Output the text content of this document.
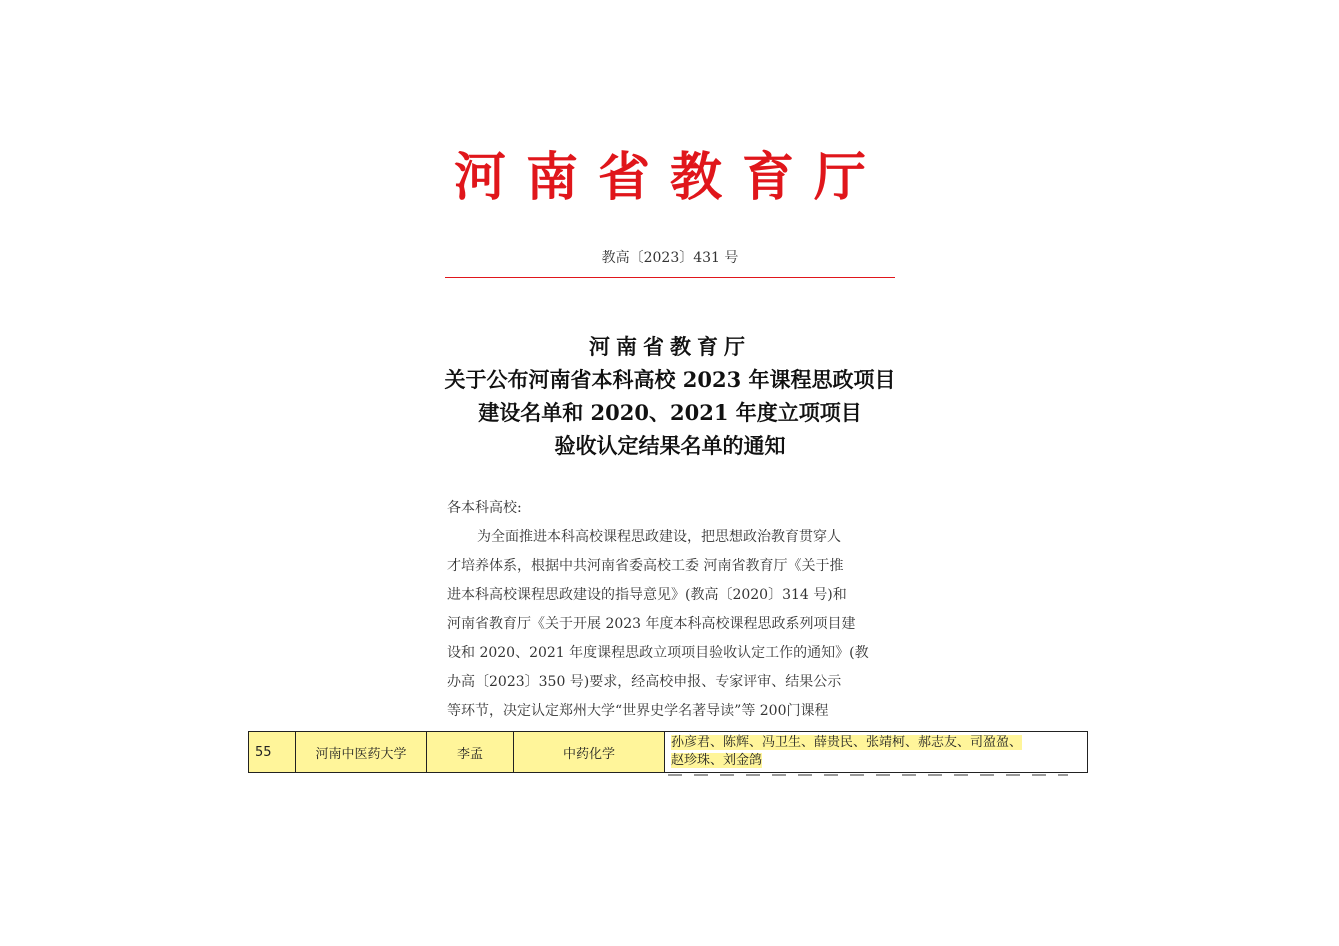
河南省教育厅
教高〔2023〕431 号
河南省教育厅
关于公布河南省本科高校 2023 年课程思政项目
建设名单和 2020、2021 年度立项项目
验收认定结果名单的通知
各本科高校:
为全面推进本科高校课程思政建设，把思想政治教育贯穿人
才培养体系，根据中共河南省委高校工委 河南省教育厅《关于推
进本科高校课程思政建设的指导意见》(教高〔2020〕314 号)和
河南省教育厅《关于开展 2023 年度本科高校课程思政系列项目建
设和 2020、2021 年度课程思政立项项目验收认定工作的通知》(教
办高〔2023〕350 号)要求，经高校申报、专家评审、结果公示
等环节，决定认定郑州大学“世界史学名著导读”等 200门课程
55	河南中医药大学	李孟	中药化学	孙彦君、陈辉、冯卫生、薛贵民、张靖柯、郝志友、司盈盈、
赵珍珠、刘金鸽
